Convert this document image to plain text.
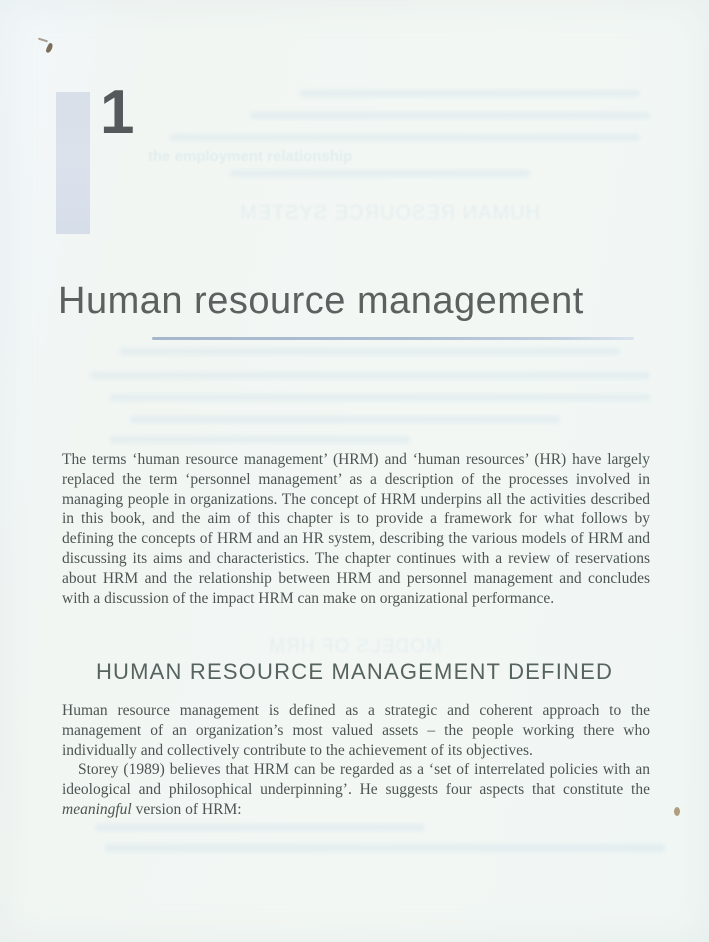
the employment relationship
HUMAN RESOURCE SYSTEM
MODELS OF HRM
1
Human resource management

The terms ‘human resource management’ (HRM) and ‘human resources’ (HR) have largely replaced the term ‘personnel management’ as a description of the processes involved in managing people in organizations. The concept of HRM underpins all the activities described in this book, and the aim of this chapter is to provide a framework for what follows by defining the concepts of HRM and an HR system, describing the various models of HRM and discussing its aims and characteristics. The chapter continues with a review of reservations about HRM and the relationship between HRM and personnel management and concludes with a discussion of the impact HRM can make on organizational performance.

HUMAN RESOURCE MANAGEMENT DEFINED

Human resource management is defined as a strategic and coherent approach to the management of an organization’s most valued assets – the people working there who individually and collectively contribute to the achievement of its objectives.

Storey (1989) believes that HRM can be regarded as a ‘set of interrelated policies with an ideological and philosophical underpinning’. He suggests four aspects that constitute the meaningful version of HRM:
